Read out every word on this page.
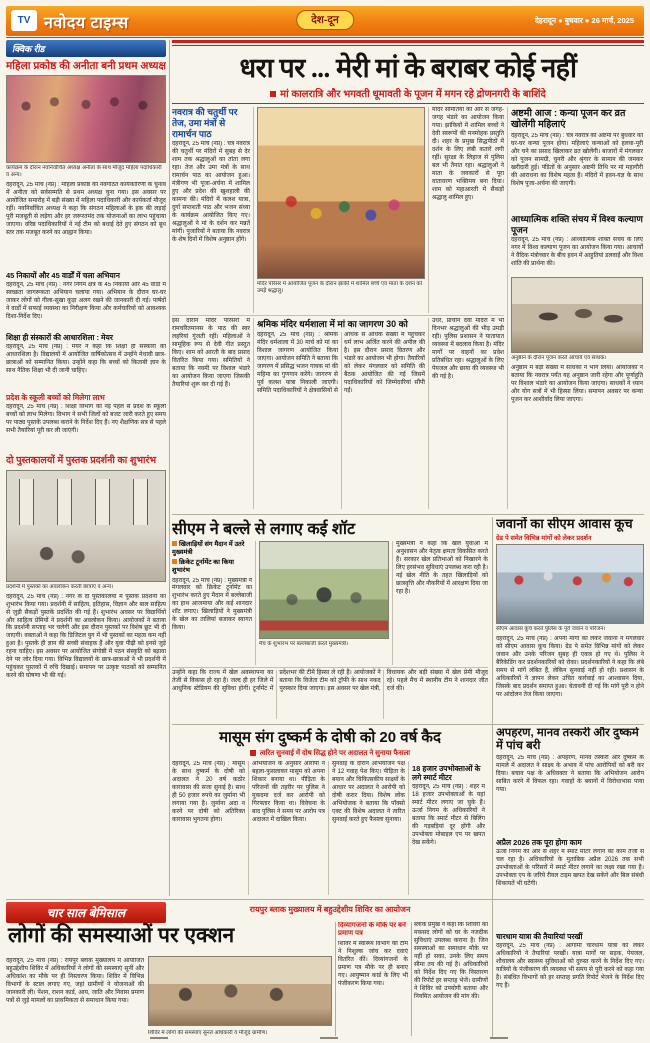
TV नवोदय टाइम्स	देश-दून	देहरादून ● बुधवार ● 26 मार्च, 2025
क्विक रीड
महिला प्रकोष्ठ की अनीता बनी प्रथम अध्यक्ष
कार्यक्रम के दौरान नवनिर्वाचित अध्यक्ष अनीता के साथ मौजूद महिला पदाधिकारी व अन्य।
देहरादून, 25 मार्च (नप्र) : महिला प्रकोष्ठ की नवगठित कार्यकारिणी के चुनाव में अनीता को सर्वसम्मति से प्रथम अध्यक्ष चुना गया। इस अवसर पर आयोजित समारोह में बड़ी संख्या में महिला पदाधिकारी और कार्यकर्ता मौजूद रहीं। नवनिर्वाचित अध्यक्ष ने कहा कि संगठन महिलाओं के हक की लड़ाई पूरी मजबूती से लड़ेगा और हर जरूरतमंद तक योजनाओं का लाभ पहुंचाया जाएगा। वरिष्ठ पदाधिकारियों ने नई टीम को बधाई देते हुए संगठन को बूथ स्तर तक मजबूत करने का आह्वान किया।
45 निकायों और 45 वार्डों में चला अभियान
देहरादून, 25 मार्च (नप्र) : नगर निगम क्षेत्र के 45 निकायों और 45 वार्डों में स्वच्छता जागरूकता अभियान चलाया गया। अभियान के दौरान घर-घर जाकर लोगों को गीला-सूखा कूड़ा अलग रखने की जानकारी दी गई। पार्षदों ने वार्डों में सफाई व्यवस्था का निरीक्षण किया और कर्मचारियों को आवश्यक दिशा-निर्देश दिए।
शिक्षा ही संस्कारों की आधारशिला : मेयर
देहरादून, 25 मार्च (नप्र) : मेयर ने कहा कि शिक्षा ही संस्कारों की आधारशिला है। विद्यालयों में आयोजित वार्षिकोत्सव में उन्होंने मेधावी छात्र-छात्राओं को सम्मानित किया। उन्होंने कहा कि बच्चों को किताबी ज्ञान के साथ नैतिक शिक्षा भी दी जानी चाहिए।
प्रदेश के स्कूली बच्चों को मिलेगा लाभ
देहरादून, 25 मार्च (नप्र) : शिक्षा विभाग की नई पहल से प्रदेश के स्कूली बच्चों को लाभ मिलेगा। विभाग ने सभी जिलों को बजट जारी करते हुए समय पर पाठ्य पुस्तकें उपलब्ध कराने के निर्देश दिए हैं। नए शैक्षणिक सत्र से पहले सभी तैयारियां पूरी कर ली जाएंगी।
दो पुस्तकालयों में पुस्तक प्रदर्शनी का शुभारंभ
प्रदर्शनी में पुस्तकों का अवलोकन करती छात्राएं व अन्य।
देहरादून, 25 मार्च (नप्र) : नगर के दो पुस्तकालयों में पुस्तक प्रदर्शनी का शुभारंभ किया गया। प्रदर्शनी में साहित्य, इतिहास, विज्ञान और बाल साहित्य से जुड़ी सैकड़ों पुस्तकें प्रदर्शित की गई हैं। शुभारंभ अवसर पर विद्यार्थियों और साहित्य प्रेमियों ने प्रदर्शनी का अवलोकन किया। आयोजकों ने बताया कि प्रदर्शनी सप्ताह भर चलेगी और इस दौरान पुस्तकों पर विशेष छूट भी दी जाएगी। वक्ताओं ने कहा कि डिजिटल युग में भी पुस्तकों का महत्व कम नहीं हुआ है। पुस्तकें ही ज्ञान की सच्ची संवाहक हैं और युवा पीढ़ी को इनसे जुड़े रहना चाहिए। इस अवसर पर आयोजित संगोष्ठी में पठन संस्कृति को बढ़ावा देने पर जोर दिया गया। विभिन्न विद्यालयों के छात्र-छात्राओं ने भी प्रदर्शनी में पहुंचकर पुस्तकों में रुचि दिखाई। समापन पर उत्कृष्ट पाठकों को सम्मानित करने की घोषणा भी की गई।
धरा पर ... मेरी मां के बराबर कोई नहीं
मां कालरात्रि और भगवती धूमावती के पूजन में मगन रहे द्रोणनगरी के बाशिंदे
नवरात्र की चतुर्थी पर तेज, उमा मंत्रों से रामार्चन पाठ
देहरादून, 25 मार्च (नप्र) : चैत्र नवरात्र की चतुर्थी पर मंदिरों में सुबह से देर शाम तक श्रद्धालुओं का तांता लगा रहा। तेज और उमा मंत्रों के साथ रामार्चन पाठ का आयोजन हुआ। मंत्रीगण भी पूजा-अर्चना में शामिल हुए और प्रदेश की खुशहाली की कामना की। मंदिरों में कलश यात्रा, दुर्गा सप्तशती पाठ और भजन संध्या के कार्यक्रम आयोजित किए गए। श्रद्धालुओं ने मां के दर्शन कर मन्नतें मांगीं। पुजारियों ने बताया कि नवरात्र के शेष दिनों में विशेष अनुष्ठान होंगे।
मंदिर परिसर में आयोजित पूजन के दौरान झांकी में शामिल बच्चे एवं माता के दर्शन को उमड़े श्रद्धालु।
मंदिर समितियों की ओर से जगह-जगह भंडारे का आयोजन किया गया। झांकियों में शामिल बच्चों ने देवी स्वरूपों की मनमोहक प्रस्तुति दी। शहर के प्रमुख सिद्धपीठों में दर्शन के लिए लंबी कतारें लगी रहीं। सुरक्षा के लिहाज से पुलिस बल भी तैनात रहा। श्रद्धालुओं ने माता के जयकारों से पूरा वातावरण भक्तिमय बना दिया। शाम को महाआरती में सैकड़ों श्रद्धालु शामिल हुए।
इस दौरान मंदिर परिसरों में रामचरितमानस के पाठ की स्वर लहरियां गूंजती रहीं। महिलाओं ने सामूहिक रूप से देवी गीत प्रस्तुत किए। शाम को आरती के बाद प्रसाद वितरित किया गया। समितियों ने बताया कि नवमी पर विशाल भंडारे का आयोजन किया जाएगा जिसकी तैयारियां शुरू कर दी गई हैं।
श्रमिक मंदिर धर्मशाला में मां का जागरण 30 को
देहरादून, 25 मार्च (नप्र) : श्रमिक मंदिर धर्मशाला में 30 मार्च को मां का विशाल जागरण आयोजित किया जाएगा। आयोजन समिति ने बताया कि जागरण में प्रसिद्ध भजन गायक मां की महिमा का गुणगान करेंगे। जागरण से पूर्व कलश यात्रा निकाली जाएगी। समिति पदाधिकारियों ने क्षेत्रवासियों से अधिक से अधिक संख्या में पहुंचकर धर्म लाभ अर्जित करने की अपील की है। इस दौरान प्रसाद वितरण और भंडारे का आयोजन भी होगा। तैयारियों को लेकर मंगलवार को समिति की बैठक आयोजित की गई जिसमें पदाधिकारियों को जिम्मेदारियां सौंपी गईं।
उधर, प्राचीन देवी मंदिरों में भी दिनभर श्रद्धालुओं की भीड़ उमड़ी रही। पुलिस प्रशासन ने यातायात व्यवस्था में बदलाव किया है। मंदिर मार्गों पर वाहनों का प्रवेश प्रतिबंधित रहा। श्रद्धालुओं के लिए पेयजल और छाया की व्यवस्था भी की गई है।
अष्टमी आज : कन्या पूजन कर व्रत खोलेंगी महिलाएं
देहरादून, 25 मार्च (नप्र) : चैत्र नवरात्र की अष्टमी पर बुधवार को घर-घर कन्या पूजन होगा। महिलाएं कन्याओं को हलवा-पूरी और चने का प्रसाद खिलाकर व्रत खोलेंगी। बाजारों में मंगलवार को पूजन सामग्री, चुनरी और श्रृंगार के सामान की जमकर खरीदारी हुई। पंडितों के अनुसार अष्टमी तिथि पर मां महागौरी की आराधना का विशेष महत्व है। मंदिरों में हवन-यज्ञ के साथ विशेष पूजा-अर्चना की जाएगी।
आध्यात्मिक शक्ति संचय में विश्व कल्याण पूजन
देहरादून, 25 मार्च (नप्र) : आध्यात्मिक शक्ति संचय के लिए नगर में विश्व कल्याण पूजन का आयोजन किया गया। आचार्यों ने वैदिक मंत्रोच्चार के बीच हवन में आहुतियां डलवाईं और विश्व शांति की प्रार्थना की।
अनुष्ठान के दौरान पूजन करते आचार्य एवं साधक।
अनुष्ठान में बड़ी संख्या में साधकों ने भाग लिया। आयोजकों ने बताया कि नवरात्र पर्यंत यह अनुष्ठान जारी रहेगा और पूर्णाहुति पर विशाल भंडारे का आयोजन किया जाएगा। साधकों ने ध्यान और योग सत्रों में भी हिस्सा लिया। समापन अवसर पर कन्या पूजन कर आशीर्वाद लिया जाएगा।
सीएम ने बल्ले से लगाए कई शॉट
खिलाड़ियों संग मैदान में उतरे मुख्यमंत्री
क्रिकेट टूर्नामेंट का किया शुभारंभ
देहरादून, 25 मार्च (नप्र) : मुख्यमंत्री ने मंगलवार को क्रिकेट टूर्नामेंट का शुभारंभ करते हुए मैदान में बल्लेबाजी का हाथ आजमाया और कई शानदार शॉट लगाए। खिलाड़ियों ने मुख्यमंत्री के खेल का तालियां बजाकर स्वागत किया।
मैच के शुभारंभ पर बल्लेबाजी करते मुख्यमंत्री।
मुख्यमंत्री ने कहा कि खेल युवाओं में अनुशासन और नेतृत्व क्षमता विकसित करते हैं। सरकार खेल प्रतिभाओं को निखारने के लिए हरसंभव सुविधाएं उपलब्ध करा रही है। नई खेल नीति के तहत खिलाड़ियों को छात्रवृत्ति और नौकरियों में आरक्षण दिया जा रहा है।
उन्होंने कहा कि राज्य में खेल अवस्थापना का तेजी से विकास हो रहा है। जल्द ही हर जिले में आधुनिक स्टेडियम की सुविधा होगी। टूर्नामेंट में प्रदेशभर की टीमें हिस्सा ले रही हैं। आयोजकों ने बताया कि विजेता टीम को ट्रॉफी के साथ नकद पुरस्कार दिया जाएगा। इस अवसर पर खेल मंत्री, विधायक और बड़ी संख्या में खेल प्रेमी मौजूद रहे। पहले मैच में स्थानीय टीम ने शानदार जीत दर्ज की।
जवानों का सीएम आवास कूच
ग्रेड पे समेत विभिन्न मांगों को लेकर प्रदर्शन
सीएम आवास कूच करते पुलिस के पूर्व जवान व परिजन।
देहरादून, 25 मार्च (नप्र) : अपनी मांगों को लेकर जवानों ने मंगलवार को सीएम आवास कूच किया। ग्रेड पे समेत विभिन्न मांगों को लेकर जवान और उनके परिजन सुबह ही एकत्र हो गए थे। पुलिस ने बैरिकेडिंग कर प्रदर्शनकारियों को रोका। प्रदर्शनकारियों ने कहा कि लंबे समय से मांगें लंबित हैं, लेकिन सुनवाई नहीं हो रही। प्रशासन के अधिकारियों ने ज्ञापन लेकर उचित कार्रवाई का आश्वासन दिया, जिसके बाद प्रदर्शन समाप्त हुआ। चेतावनी दी गई कि मांगें पूरी न होने पर आंदोलन तेज किया जाएगा।
मासूम संग दुष्कर्म के दोषी को 20 वर्ष कैद
त्वरित सुनवाई में दोष सिद्ध होने पर अदालत ने सुनाया फैसला
देहरादून, 25 मार्च (नप्र) : मासूम के साथ दुष्कर्म के दोषी को अदालत ने 20 वर्ष कठोर कारावास की सजा सुनाई है। साथ ही 50 हजार रुपये का जुर्माना भी लगाया गया है। जुर्माना अदा न करने पर दोषी को अतिरिक्त कारावास भुगतना होगा।
अभियोजन के अनुसार आरोपी ने बहला-फुसलाकर मासूम को अपना शिकार बनाया था। पीड़िता के परिजनों की तहरीर पर पुलिस ने मुकदमा दर्ज कर आरोपी को गिरफ्तार किया था। विवेचना के बाद पुलिस ने समय पर आरोप पत्र अदालत में दाखिल किया।
सुनवाई के दौरान अभियोजन पक्ष ने 12 गवाह पेश किए। पीड़िता के बयान और चिकित्सकीय साक्ष्यों के आधार पर अदालत ने आरोपी को दोषी करार दिया। विशेष लोक अभियोजक ने बताया कि पॉक्सो एक्ट की विशेष अदालत ने त्वरित सुनवाई करते हुए फैसला सुनाया।
18 हजार उपभोक्ताओं के लगे स्मार्ट मीटर
देहरादून, 25 मार्च (नप्र) : शहर में 18 हजार उपभोक्ताओं के यहां स्मार्ट मीटर लगाए जा चुके हैं। ऊर्जा निगम के अधिकारियों ने बताया कि स्मार्ट मीटर से बिलिंग की गड़बड़ियां दूर होंगी और उपभोक्ता मोबाइल एप पर खपत देख सकेंगे।
अपहरण, मानव तस्करी और दुष्कर्म में पांच बरी
देहरादून, 25 मार्च (नप्र) : अपहरण, मानव तस्करी और दुष्कर्म के मामले में अदालत ने साक्ष्य के अभाव में पांच आरोपियों को बरी कर दिया। बचाव पक्ष के अधिवक्ता ने बताया कि अभियोजन आरोप साबित करने में विफल रहा। गवाहों के बयानों में विरोधाभास पाया गया।
अप्रैल 2026 तक पूरा होगा काम
ऊर्जा निगम की ओर से शहर में स्मार्ट मीटर लगाने का काम तेजी से चल रहा है। अधिकारियों के मुताबिक अप्रैल 2026 तक सभी उपभोक्ताओं के परिसरों में स्मार्ट मीटर लगाने का लक्ष्य रखा गया है। उपभोक्ता एप के जरिये रीयल टाइम खपत देख सकेंगे और बिल संबंधी शिकायतें भी घटेंगी।
चारधाम यात्रा की तैयारियां परखीं
देहरादून, 25 मार्च (नप्र) : आगामी चारधाम यात्रा को लेकर अधिकारियों ने तैयारियां परखीं। यात्रा मार्गों पर सड़क, पेयजल, शौचालय और स्वास्थ्य सुविधाओं को दुरुस्त करने के निर्देश दिए गए। यात्रियों के पंजीकरण की व्यवस्था भी समय से पूरी करने को कहा गया है। संबंधित विभागों को हर सप्ताह प्रगति रिपोर्ट भेजने के निर्देश दिए गए हैं।
चार साल बेमिसाल	रायपुर ब्लाक मुख्यालय में बहुउद्देशीय शिविर का आयोजन
लोगों की समस्याओं पर एक्शन
देहरादून, 25 मार्च (नप्र) : रायपुर ब्लाक मुख्यालय में आयोजित बहुउद्देशीय शिविर में अधिकारियों ने लोगों की समस्याएं सुनीं और अधिकांश का मौके पर ही निस्तारण किया। शिविर में विभिन्न विभागों के स्टाल लगाए गए, जहां ग्रामीणों ने योजनाओं की जानकारी ली। पेंशन, राशन कार्ड, आय, जाति और निवास प्रमाण पत्रों से जुड़े मामलों का प्राथमिकता से समाधान किया गया।
शिविर में लोगों की समस्याएं सुनते अधिकारी व मौजूद ग्रामीण।
दिव्यांगजनों के मौके पर बने प्रमाण पत्र
शिविर में स्वास्थ्य विभाग की टीम ने निशुल्क जांच कर दवाएं वितरित कीं। दिव्यांगजनों के प्रमाण पत्र मौके पर ही बनाए गए। आयुष्मान कार्ड के लिए भी पंजीकरण किया गया।
ब्लाक प्रमुख ने कहा कि शिविरों का मकसद लोगों को घर के नजदीक सुविधाएं उपलब्ध कराना है। जिन समस्याओं का समाधान मौके पर नहीं हो सका, उनके लिए समय सीमा तय की गई है। अधिकारियों को निर्देश दिए गए कि निस्तारण की रिपोर्ट हर सप्ताह भेजें। ग्रामीणों ने शिविर को उपयोगी बताया और नियमित आयोजन की मांग की।
